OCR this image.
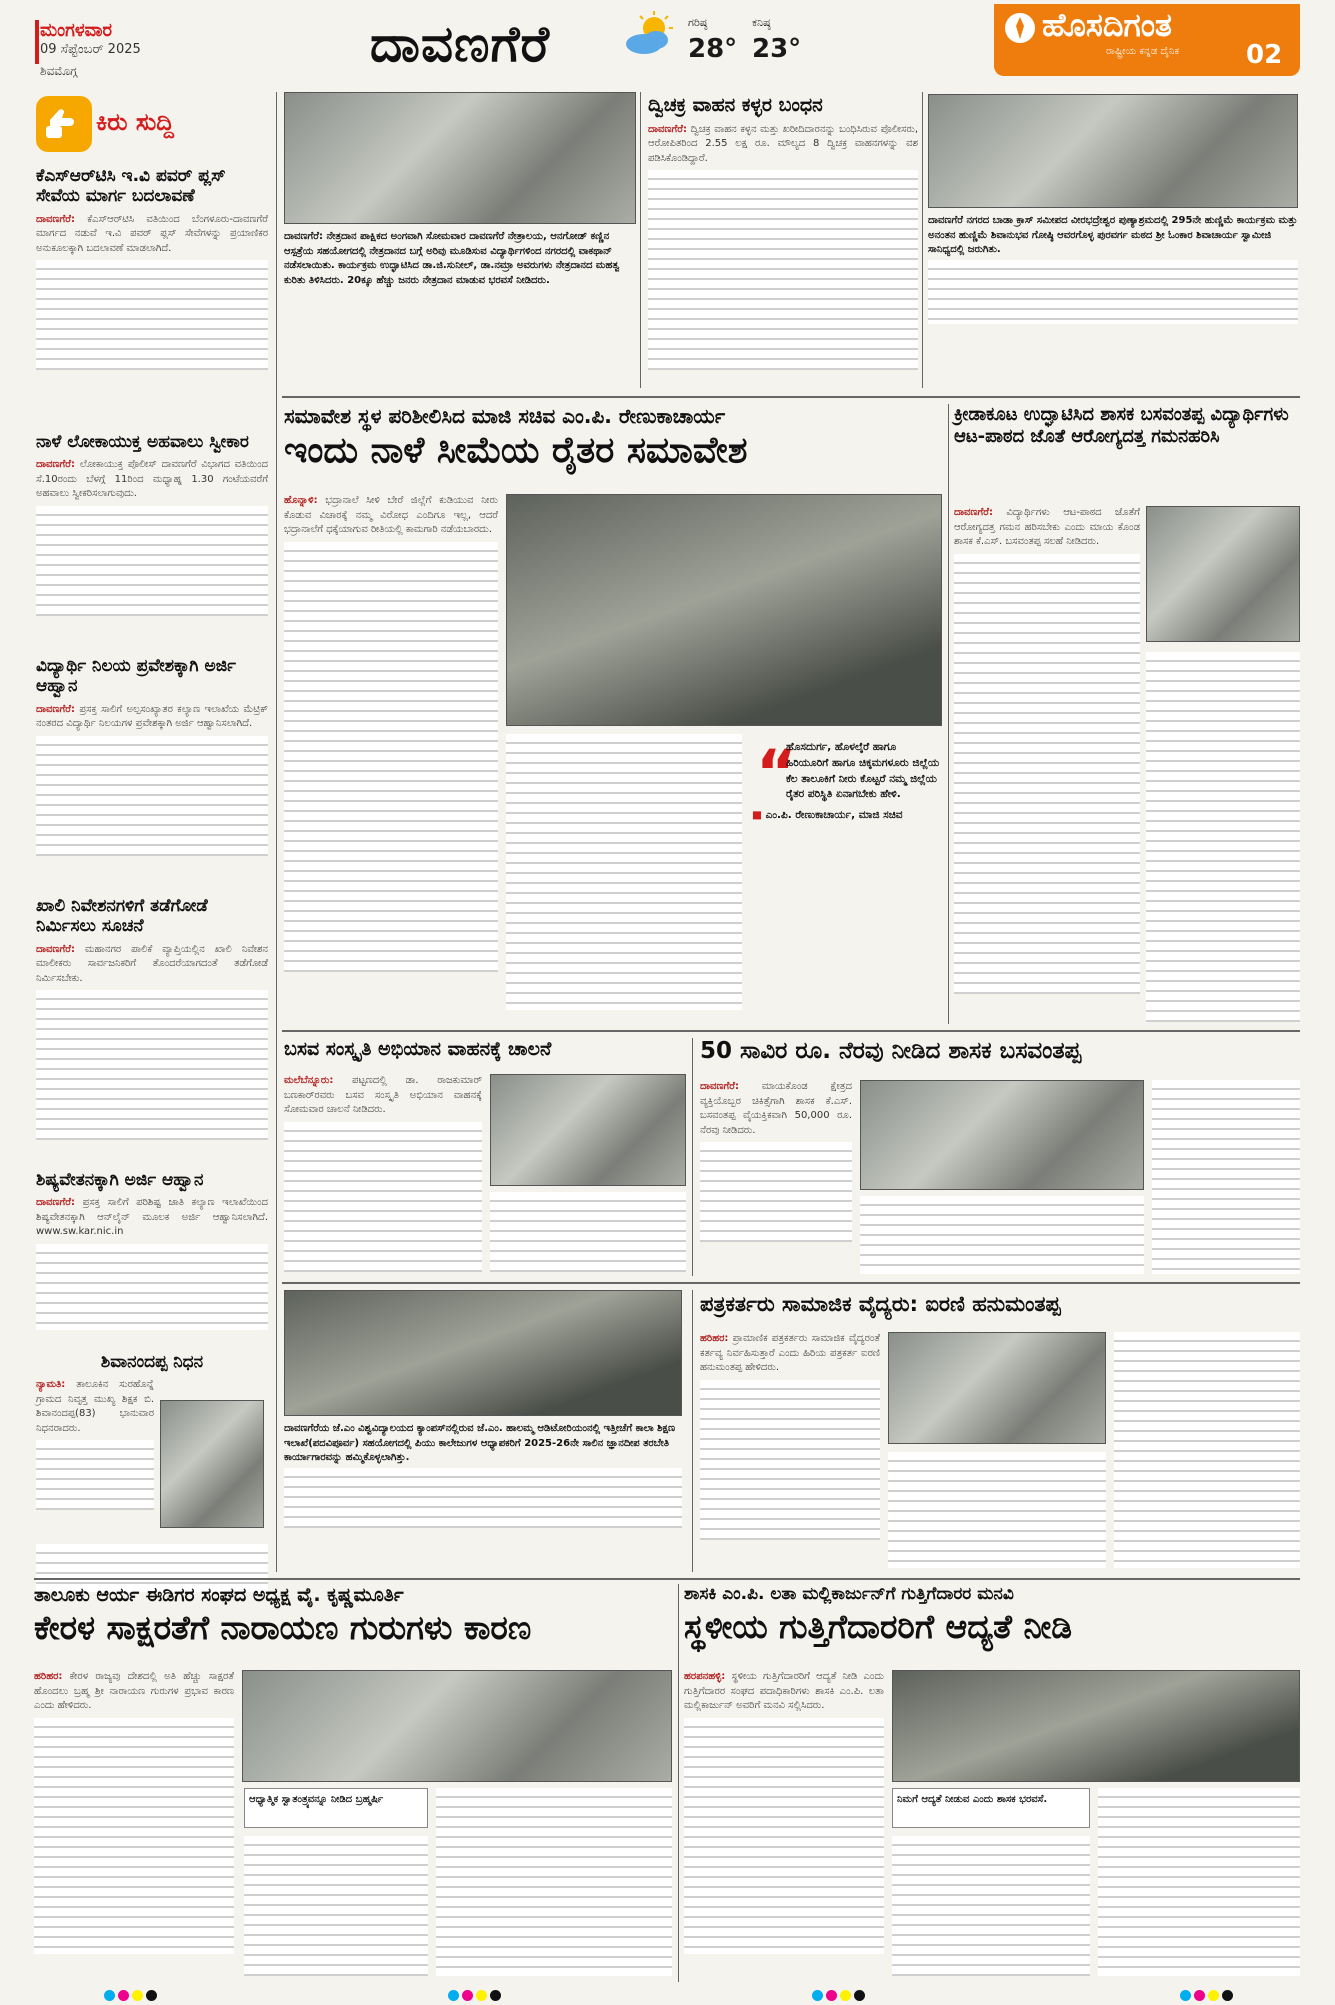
ಮಂಗಳವಾರ
09 ಸೆಪ್ಟೆಂಬರ್ 2025
ಶಿವಮೊಗ್ಗ	ದಾವಣಗೆರೆ	ಗರಿಷ್ಠ
28°
ಕನಿಷ್ಠ
23°
ಹೊಸದಿಗಂತ
ರಾಷ್ಟ್ರೀಯ ಕನ್ನಡ ದೈನಿಕ	02
ಕಿರು ಸುದ್ದಿ
ಕೆಎಸ್ಆರ್‌ಟಿಸಿ ಇ.ವಿ ಪವರ್ ಪ್ಲಸ್ ಸೇವೆಯ ಮಾರ್ಗ ಬದಲಾವಣೆ
ದಾವಣಗೆರೆ: ಕೆಎಸ್ಆರ್‌ಟಿಸಿ ವತಿಯಿಂದ ಬೆಂಗಳೂರು-ದಾವಣಗೆರೆ ಮಾರ್ಗದ ನಡುವೆ ಇ.ವಿ ಪವರ್ ಪ್ಲಸ್ ಸೇವೆಗಳನ್ನು ಪ್ರಯಾಣಿಕರ ಅನುಕೂಲಕ್ಕಾಗಿ ಬದಲಾವಣೆ ಮಾಡಲಾಗಿದೆ.
ನಾಳೆ ಲೋಕಾಯುಕ್ತ ಅಹವಾಲು ಸ್ವೀಕಾರ
ದಾವಣಗೆರೆ: ಲೋಕಾಯುಕ್ತ ಪೊಲೀಸ್ ದಾವಣಗೆರೆ ವಿಭಾಗದ ವತಿಯಿಂದ ಸೆ.10ರಂದು ಬೆಳಗ್ಗೆ 11ರಿಂದ ಮಧ್ಯಾಹ್ನ 1.30 ಗಂಟೆಯವರೆಗೆ ಅಹವಾಲು ಸ್ವೀಕರಿಸಲಾಗುವುದು.
ವಿದ್ಯಾರ್ಥಿ ನಿಲಯ ಪ್ರವೇಶಕ್ಕಾಗಿ ಅರ್ಜಿ ಆಹ್ವಾನ
ದಾವಣಗೆರೆ: ಪ್ರಸಕ್ತ ಸಾಲಿಗೆ ಅಲ್ಪಸಂಖ್ಯಾತರ ಕಲ್ಯಾಣ ಇಲಾಖೆಯ ಮೆಟ್ರಿಕ್ ನಂತರದ ವಿದ್ಯಾರ್ಥಿ ನಿಲಯಗಳ ಪ್ರವೇಶಕ್ಕಾಗಿ ಅರ್ಜಿ ಆಹ್ವಾನಿಸಲಾಗಿದೆ.
ಖಾಲಿ ನಿವೇಶನಗಳಿಗೆ ತಡೆಗೋಡೆ ನಿರ್ಮಿಸಲು ಸೂಚನೆ
ದಾವಣಗೆರೆ: ಮಹಾನಗರ ಪಾಲಿಕೆ ವ್ಯಾಪ್ತಿಯಲ್ಲಿನ ಖಾಲಿ ನಿವೇಶನ ಮಾಲೀಕರು ಸಾರ್ವಜನಿಕರಿಗೆ ತೊಂದರೆಯಾಗದಂತೆ ತಡೆಗೋಡೆ ನಿರ್ಮಿಸಬೇಕು.
ಶಿಷ್ಯವೇತನಕ್ಕಾಗಿ ಅರ್ಜಿ ಆಹ್ವಾನ
ದಾವಣಗೆರೆ: ಪ್ರಸಕ್ತ ಸಾಲಿಗೆ ಪರಿಶಿಷ್ಟ ಜಾತಿ ಕಲ್ಯಾಣ ಇಲಾಖೆಯಿಂದ ಶಿಷ್ಯವೇತನಕ್ಕಾಗಿ ಆನ್‌ಲೈನ್ ಮೂಲಕ ಅರ್ಜಿ ಆಹ್ವಾನಿಸಲಾಗಿದೆ. www.sw.kar.nic.in
ಶಿವಾನಂದಪ್ಪ ನಿಧನ
ನ್ಯಾಮತಿ: ತಾಲೂಕಿನ ಸುರಹೊನ್ನೆ ಗ್ರಾಮದ ನಿವೃತ್ತ ಮುಖ್ಯ ಶಿಕ್ಷಕ ಬಿ. ಶಿವಾನಂದಪ್ಪ(83) ಭಾನುವಾರ ನಿಧನರಾದರು.
ದಾವಣಗೆರೆ: ನೇತ್ರದಾನ ಪಾಕ್ಷಿಕದ ಅಂಗವಾಗಿ ಸೋಮವಾರ ದಾವಣಗೆರೆ ನೇತ್ರಾಲಯ, ಆನಗೋಡ್ ಕಣ್ಣಿನ ಆಸ್ಪತ್ರೆಯ ಸಹಯೋಗದಲ್ಲಿ ನೇತ್ರದಾನದ ಬಗ್ಗೆ ಅರಿವು ಮೂಡಿಸುವ ವಿದ್ಯಾರ್ಥಿಗಳಿಂದ ನಗರದಲ್ಲಿ ವಾಕಥಾನ್ ನಡೆಸಲಾಯಿತು. ಕಾರ್ಯಕ್ರಮ ಉದ್ಘಾಟಿಸಿದ ಡಾ.ಜಿ.ಸುನೀಲ್, ಡಾ.ನಮ್ರಾ ಅವರುಗಳು ನೇತ್ರದಾನದ ಮಹತ್ವ ಕುರಿತು ತಿಳಿಸಿದರು. 20ಕ್ಕೂ ಹೆಚ್ಚು ಜನರು ನೇತ್ರದಾನ ಮಾಡುವ ಭರವಸೆ ನೀಡಿದರು.
ದ್ವಿಚಕ್ರ ವಾಹನ ಕಳ್ಳರ ಬಂಧನ
ದಾವಣಗೆರೆ: ದ್ವಿಚಕ್ರ ವಾಹನ ಕಳ್ಳನ ಮತ್ತು ಖರೀದಿದಾರನನ್ನು ಬಂಧಿಸಿರುವ ಪೊಲೀಸರು, ಆರೋಪಿತರಿಂದ 2.55 ಲಕ್ಷ ರೂ. ಮೌಲ್ಯದ 8 ದ್ವಿಚಕ್ರ ವಾಹನಗಳನ್ನು ವಶ ಪಡಿಸಿಕೊಂಡಿದ್ದಾರೆ.
ದಾವಣಗೆರೆ ನಗರದ ಬಾಡಾ ಕ್ರಾಸ್ ಸಮೀಪದ ವೀರಭದ್ರೇಶ್ವರ ಪುಣ್ಯಾಶ್ರಮದಲ್ಲಿ 295ನೇ ಹುಣ್ಣಿಮೆ ಕಾರ್ಯಕ್ರಮ ಮತ್ತು ಅನಂತನ ಹುಣ್ಣಿಮೆ ಶಿವಾನುಭವ ಗೋಷ್ಠಿ ಆವರಗೊಳ್ಳ ಪುರವರ್ಗ ಮಠದ ಶ್ರೀ ಓಂಕಾರ ಶಿವಾಚಾರ್ಯ ಸ್ವಾಮೀಜಿ ಸಾನಿಧ್ಯದಲ್ಲಿ ಜರುಗಿತು.
ಸಮಾವೇಶ ಸ್ಥಳ ಪರಿಶೀಲಿಸಿದ ಮಾಜಿ ಸಚಿವ ಎಂ.ಪಿ. ರೇಣುಕಾಚಾರ್ಯ
ಇಂದು ನಾಳೆ ಸೀಮೆಯ ರೈತರ ಸಮಾವೇಶ
ಹೊನ್ನಾಳಿ: ಭದ್ರಾನಾಲೆ ಸೀಳಿ ಬೇರೆ ಜಿಲ್ಲೆಗೆ ಕುಡಿಯುವ ನೀರು ಕೊಡುವ ವಿಚಾರಕ್ಕೆ ನಮ್ಮ ವಿರೋಧ ಎಂದಿಗೂ ಇಲ್ಲ, ಆದರೆ ಭದ್ರಾನಾಲೆಗೆ ಧಕ್ಕೆಯಾಗುವ ರೀತಿಯಲ್ಲಿ ಕಾಮಗಾರಿ ನಡೆಯಬಾರದು.
“
ಹೊಸದುರ್ಗ, ಹೊಳಲ್ಕೆರೆ ಹಾಗೂ ಹಿರಿಯೂರಿಗೆ ಹಾಗೂ ಚಿಕ್ಕಮಗಳೂರು ಜಿಲ್ಲೆಯ ಕೆಲ ತಾಲೂಕಿಗೆ ನೀರು ಕೊಟ್ಟರೆ ನಮ್ಮ ಜಿಲ್ಲೆಯ ರೈತರ ಪರಿಸ್ಥಿತಿ ಏನಾಗಬೇಕು ಹೇಳಿ.
■ ಎಂ.ಪಿ. ರೇಣುಕಾಚಾರ್ಯ, ಮಾಜಿ ಸಚಿವ
ಕ್ರೀಡಾಕೂಟ ಉದ್ಘಾಟಿಸಿದ ಶಾಸಕ ಬಸವಂತಪ್ಪ ವಿದ್ಯಾರ್ಥಿಗಳು ಆಟ-ಪಾಠದ ಜೊತೆ ಆರೋಗ್ಯದತ್ತ ಗಮನಹರಿಸಿ
ದಾವಣಗೆರೆ: ವಿದ್ಯಾರ್ಥಿಗಳು ಆಟ-ಪಾಠದ ಜೊತೆಗೆ ಆರೋಗ್ಯದತ್ತ ಗಮನ ಹರಿಸಬೇಕು ಎಂದು ಮಾಯ ಕೊಂಡ ಶಾಸಕ ಕೆ.ಎಸ್. ಬಸವಂತಪ್ಪ ಸಲಹೆ ನೀಡಿದರು.
ಬಸವ ಸಂಸ್ಕೃತಿ ಅಭಿಯಾನ ವಾಹನಕ್ಕೆ ಚಾಲನೆ
ಮಲೆಬೆನ್ನೂರು: ಪಟ್ಟಣದಲ್ಲಿ ಡಾ. ರಾಜಕುಮಾರ್ ಬಣಕಾರ್‌ರವರು ಬಸವ ಸಂಸ್ಕೃತಿ ಅಭಿಯಾನ ವಾಹನಕ್ಕೆ ಸೋಮವಾರ ಚಾಲನೆ ನೀಡಿದರು.
50 ಸಾವಿರ ರೂ. ನೆರವು ನೀಡಿದ ಶಾಸಕ ಬಸವಂತಪ್ಪ
ದಾವಣಗೆರೆ: ಮಾಯಕೊಂಡ ಕ್ಷೇತ್ರದ ವ್ಯಕ್ತಿಯೊಬ್ಬರ ಚಿಕಿತ್ಸೆಗಾಗಿ ಶಾಸಕ ಕೆ.ಎಸ್. ಬಸವಂತಪ್ಪ ವೈಯಕ್ತಿಕವಾಗಿ 50,000 ರೂ. ನೆರವು ನೀಡಿದರು.
ದಾವಣಗೆರೆಯ ಜೆ.ಎಂ ವಿಶ್ವವಿದ್ಯಾಲಯದ ಕ್ಯಾಂಪಸ್‌ನಲ್ಲಿರುವ ಜೆ.ಎಂ. ಹಾಲಮ್ಮ ಆಡಿಟೋರಿಯಂನಲ್ಲಿ ಇತ್ತೀಚೆಗೆ ಕಾಲಾ ಶಿಕ್ಷಣ ಇಲಾಖೆ(ಪದವಿಪೂರ್ವ) ಸಹಯೋಗದಲ್ಲಿ ಪಿಯು ಕಾಲೇಜುಗಳ ಆಧ್ಯಾಪಕರಿಗೆ 2025-26ನೇ ಸಾಲಿನ ಜ್ಞಾನದೀಪ ತರಬೇತಿ ಕಾರ್ಯಾಗಾರವನ್ನು ಹಮ್ಮಿಕೊಳ್ಳಲಾಗಿತ್ತು.
ಪತ್ರಕರ್ತರು ಸಾಮಾಜಿಕ ವೈದ್ಯರು: ಐರಣಿ ಹನುಮಂತಪ್ಪ
ಹರಿಹರ: ಪ್ರಾಮಾಣಿಕ ಪತ್ರಕರ್ತರು ಸಾಮಾಜಿಕ ವೈದ್ಯರಂತೆ ಕರ್ತವ್ಯ ನಿರ್ವಹಿಸುತ್ತಾರೆ ಎಂದು ಹಿರಿಯ ಪತ್ರಕರ್ತ ಐರಣಿ ಹನುಮಂತಪ್ಪ ಹೇಳಿದರು.
ತಾಲೂಕು ಆರ್ಯ ಈಡಿಗರ ಸಂಘದ ಅಧ್ಯಕ್ಷ ವೈ. ಕೃಷ್ಣಮೂರ್ತಿ
ಕೇರಳ ಸಾಕ್ಷರತೆಗೆ ನಾರಾಯಣ ಗುರುಗಳು ಕಾರಣ
ಹರಿಹರ: ಕೇರಳ ರಾಜ್ಯವು ದೇಶದಲ್ಲಿ ಅತಿ ಹೆಚ್ಚು ಸಾಕ್ಷರತೆ ಹೊಂದಲು ಬ್ರಹ್ಮ ಶ್ರೀ ನಾರಾಯಣ ಗುರುಗಳ ಪ್ರಭಾವ ಕಾರಣ ಎಂದು ಹೇಳಿದರು.
ಆಧ್ಯಾತ್ಮಿಕ ಸ್ವಾತಂತ್ರ್ಯವನ್ನೂ ನೀಡಿದ ಬ್ರಹ್ಮರ್ಷಿ
ಶಾಸಕಿ ಎಂ.ಪಿ. ಲತಾ ಮಲ್ಲಿಕಾರ್ಜುನ್‌ಗೆ ಗುತ್ತಿಗೆದಾರರ ಮನವಿ
ಸ್ಥಳೀಯ ಗುತ್ತಿಗೆದಾರರಿಗೆ ಆದ್ಯತೆ ನೀಡಿ
ಹರಪನಹಳ್ಳಿ: ಸ್ಥಳೀಯ ಗುತ್ತಿಗೆದಾರರಿಗೆ ಆದ್ಯತೆ ನೀಡಿ ಎಂದು ಗುತ್ತಿಗೆದಾರರ ಸಂಘದ ಪದಾಧಿಕಾರಿಗಳು ಶಾಸಕಿ ಎಂ.ಪಿ. ಲತಾ ಮಲ್ಲಿಕಾರ್ಜುನ್ ಅವರಿಗೆ ಮನವಿ ಸಲ್ಲಿಸಿದರು.
ನಿಮಗೆ ಆದ್ಯತೆ ನೀಡುವ ಎಂದು ಶಾಸಕ ಭರವಸೆ.
